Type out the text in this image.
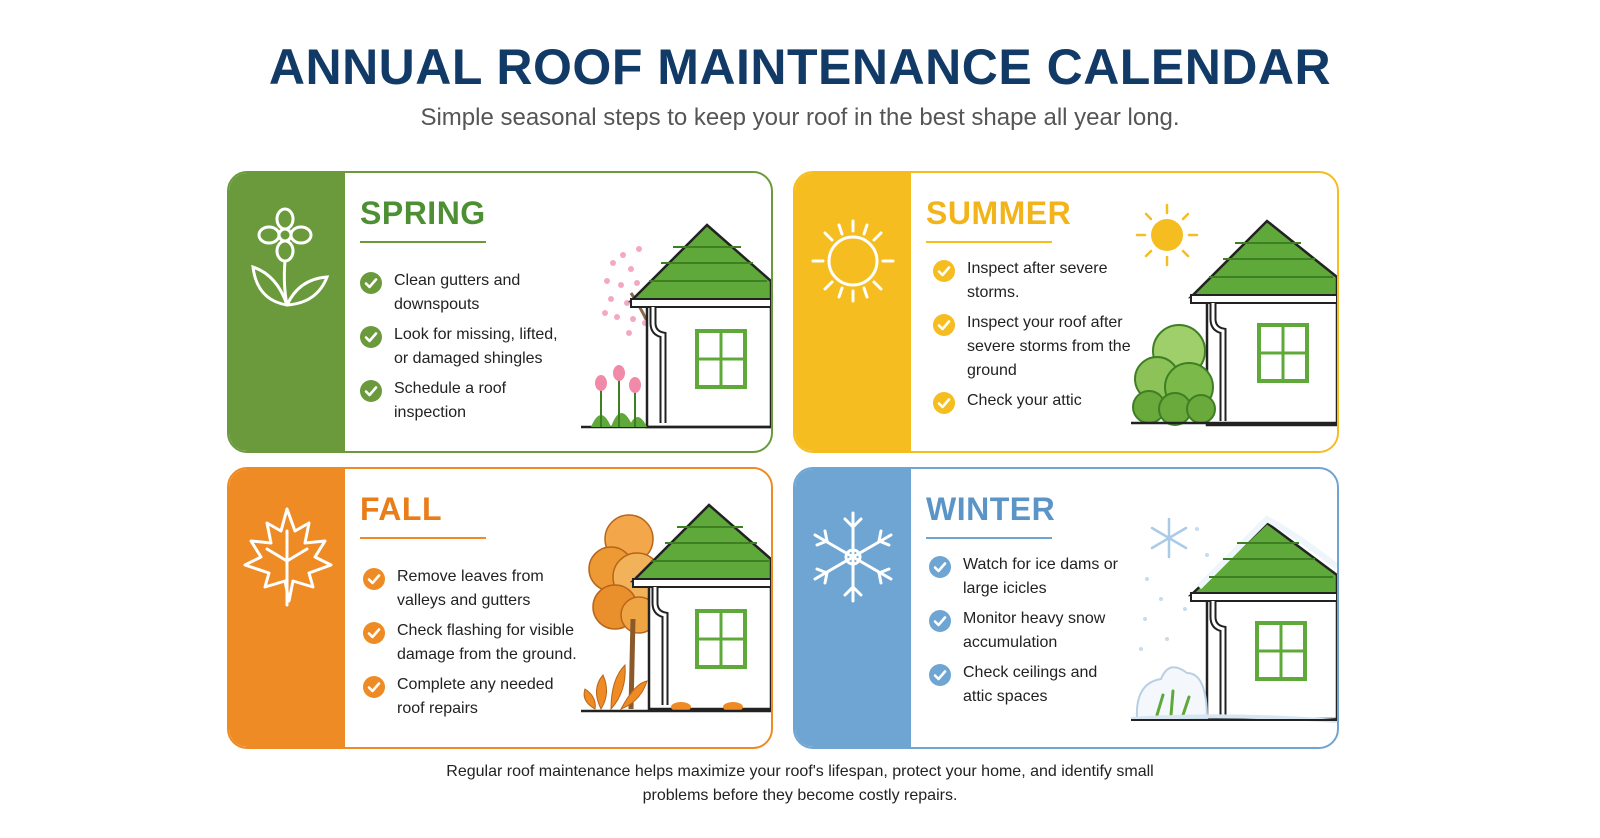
ANNUAL ROOF MAINTENANCE CALENDAR
Simple seasonal steps to keep your roof in the best shape all year long.
SPRING
Clean gutters and
downspouts
Look for missing, lifted,
or damaged shingles
Schedule a roof
inspection
SUMMER
Inspect after severe
storms.
Inspect your roof after
severe storms from the
ground
Check your attic
FALL
Remove leaves from
valleys and gutters
Check flashing for visible
damage from the ground.
Complete any needed
roof repairs
WINTER
Watch for ice dams or
large icicles
Monitor heavy snow
accumulation
Check ceilings and
attic spaces
Regular roof maintenance helps maximize your roof's lifespan, protect your home, and identify small
problems before they become costly repairs.
